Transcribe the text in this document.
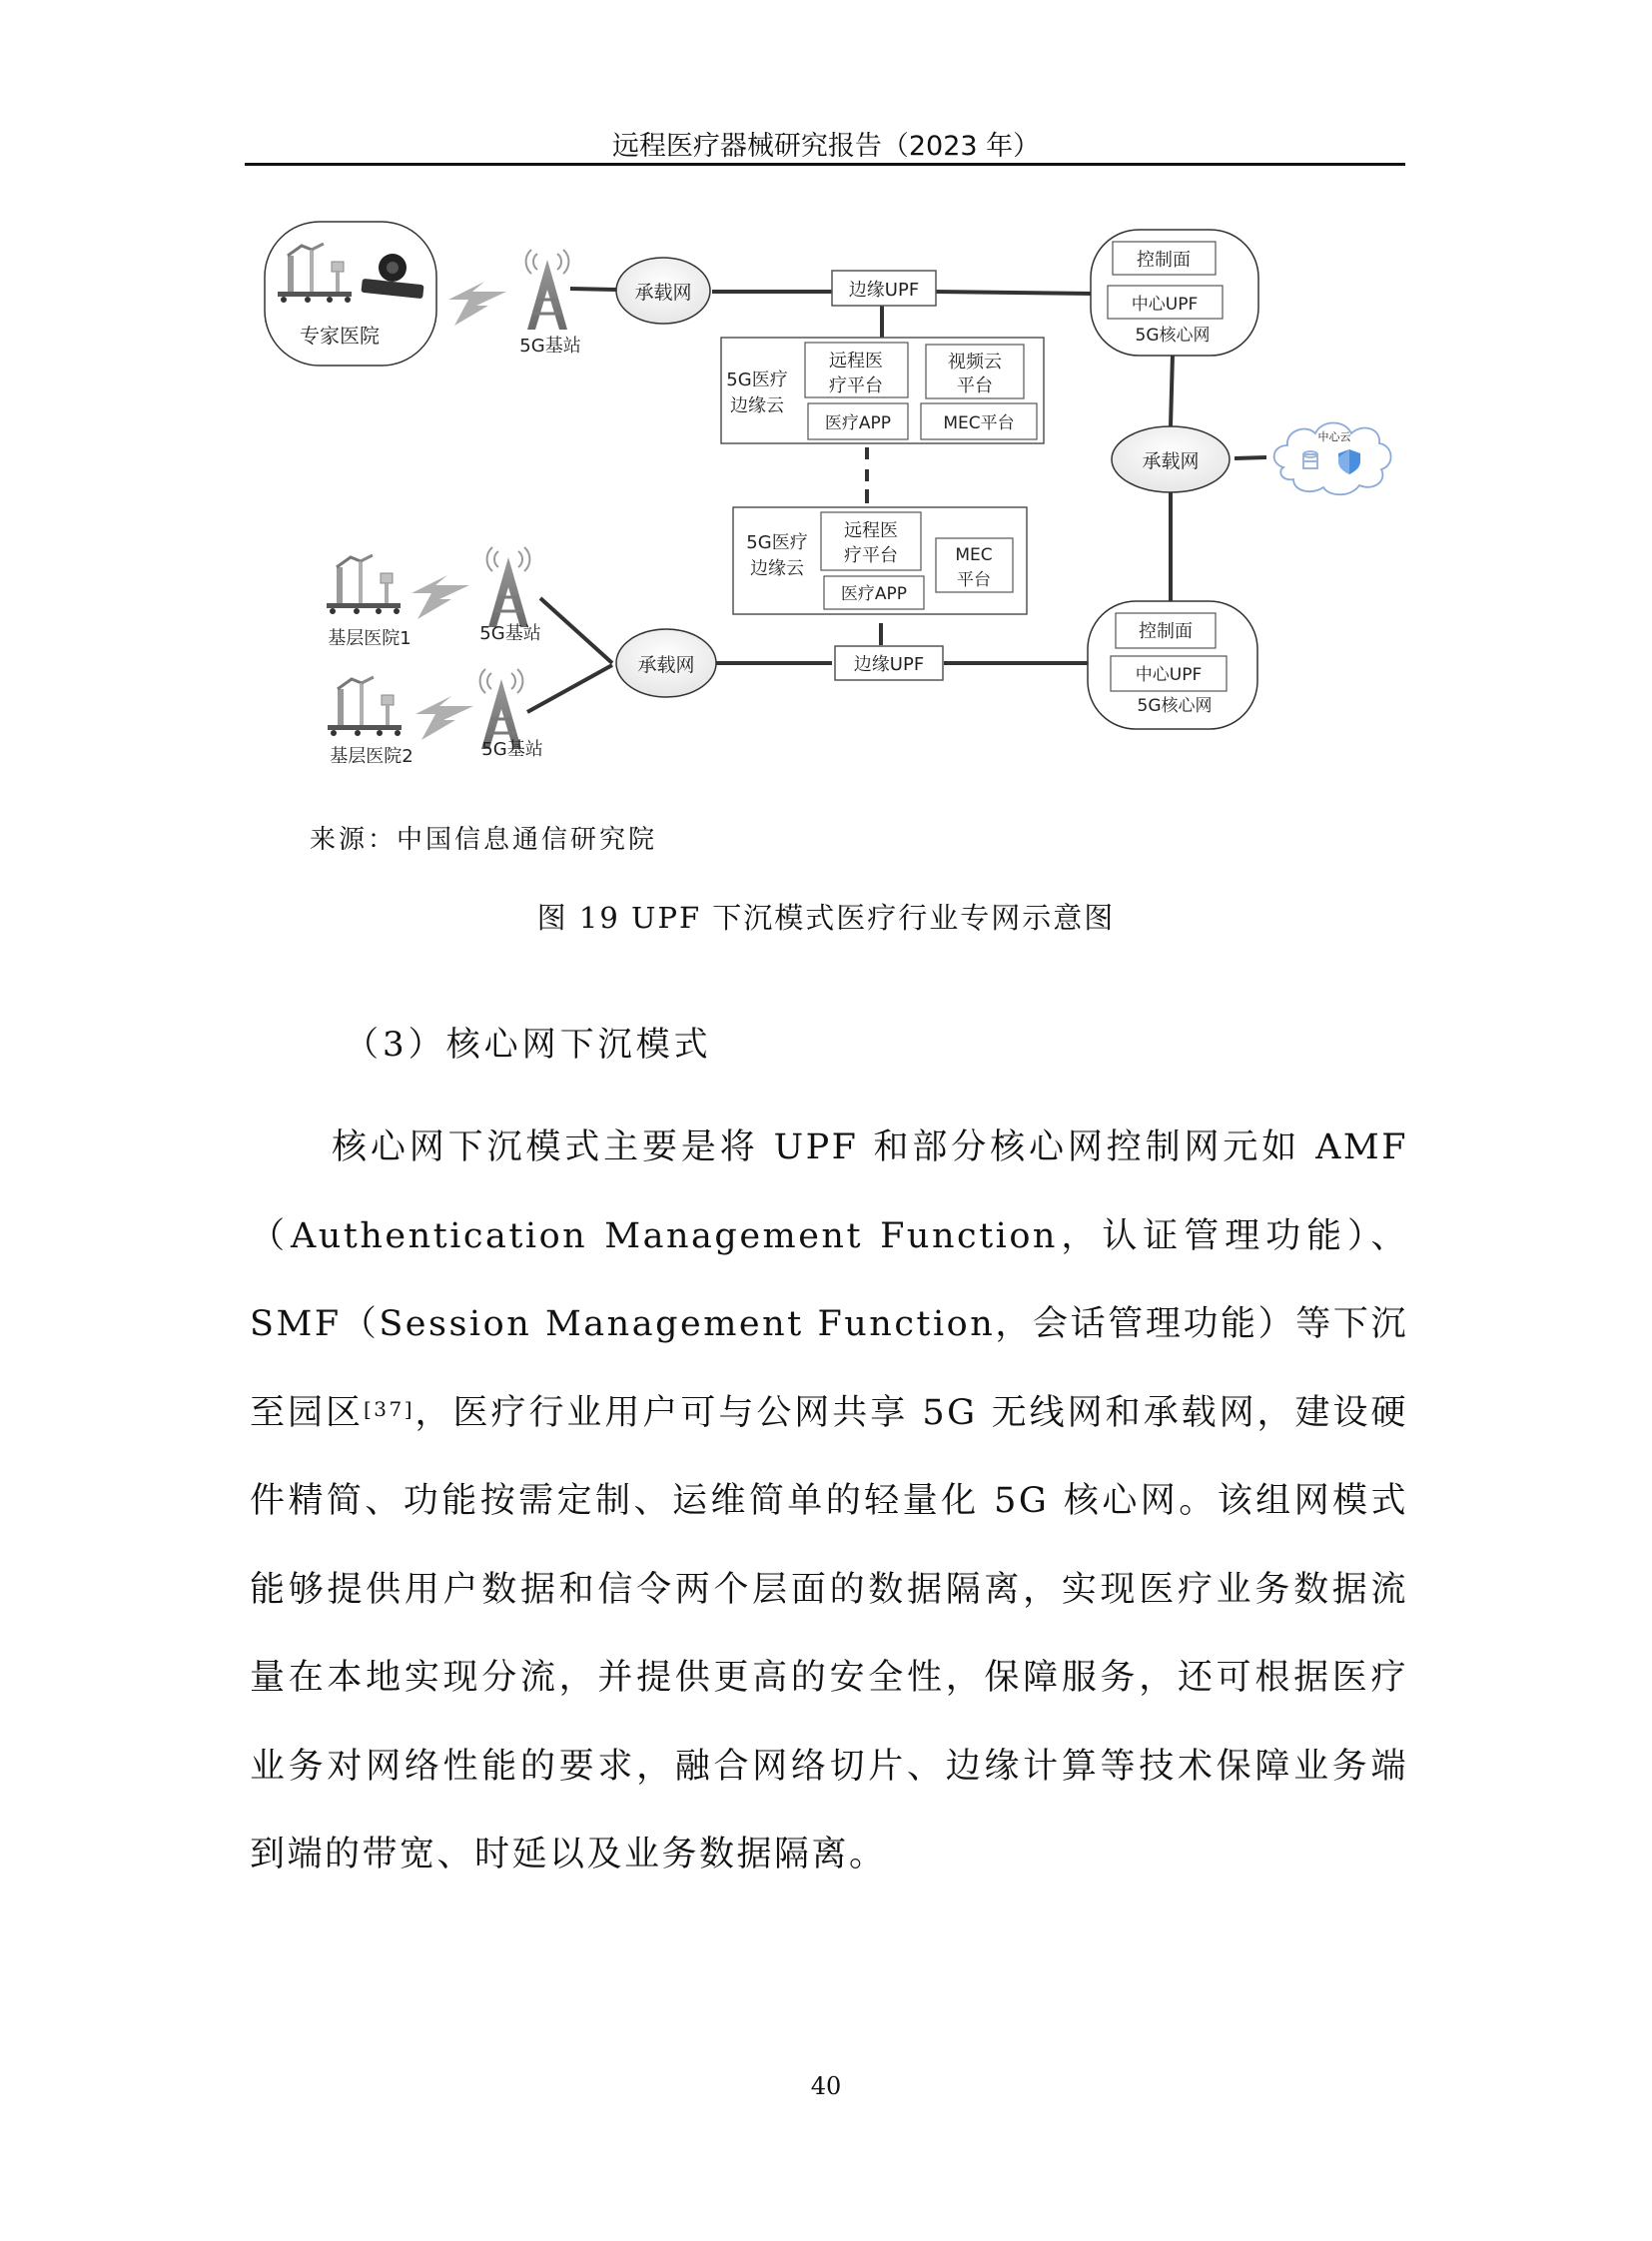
远程医疗器械研究报告（2023 年）
专家医院	5G基站
承载网	边缘UPF
5G医疗
边缘云
远程医
疗平台
视频云
平台
医疗APP	MEC平台
控制面
中心UPF
5G核心网
承载网
中心云
5G医疗
边缘云
远程医
疗平台	MEC
平台
医疗APP
基层医院1	5G基站
基层医院2	5G基站
承载网	边缘UPF
控制面
中心UPF
5G核心网
来源：中国信息通信研究院
图 19 UPF 下沉模式医疗行业专网示意图
（3）核心网下沉模式
核心网下沉模式主要是将 UPF 和部分核心网控制网元如 AMF（Authentication Management Function，认证管理功能）、SMF（Session Management Function，会话管理功能）等下沉至园区[37]，医疗行业用户可与公网共享 5G 无线网和承载网，建设硬件精简、功能按需定制、运维简单的轻量化 5G 核心网。该组网模式能够提供用户数据和信令两个层面的数据隔离，实现医疗业务数据流量在本地实现分流，并提供更高的安全性，保障服务，还可根据医疗业务对网络性能的要求，融合网络切片、边缘计算等技术保障业务端到端的带宽、时延以及业务数据隔离。
40
